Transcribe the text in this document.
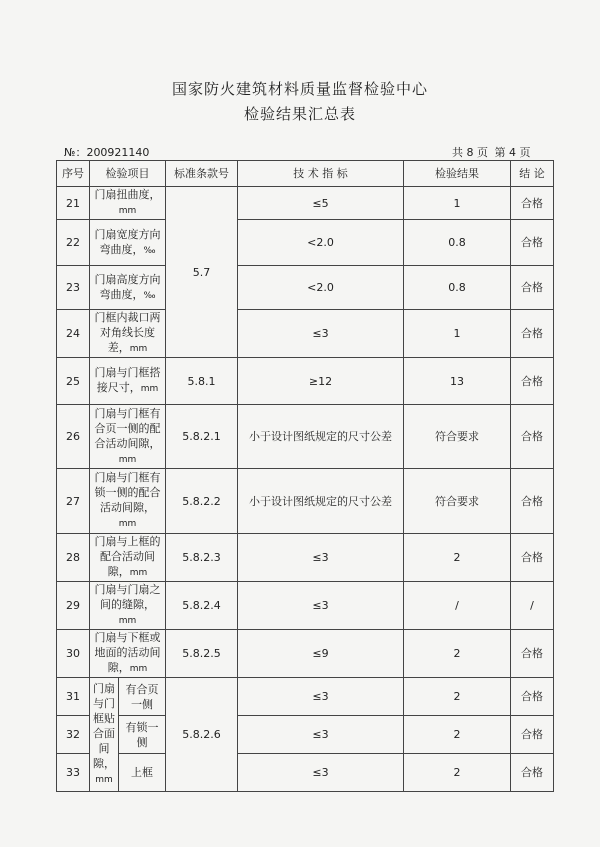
国家防火建筑材料质量监督检验中心
检验结果汇总表
№：200921140	共 8 页 第 4 页
序号	检验项目		标准条款号	技 术 指 标	检验结果	结 论
21	门扇扭曲度，mm		5.7	≤5	1	合格
22	门扇宽度方向弯曲度，‰			<2.0	0.8	合格
23	门扇高度方向弯曲度，‰			<2.0	0.8	合格
24	门框内裁口两对角线长度差，mm			≤3	1	合格
25	门扇与门框搭接尺寸，mm		5.8.1	≥12	13	合格
26	门扇与门框有合页一侧的配合活动间隙，mm		5.8.2.1	小于设计图纸规定的尺寸公差	符合要求	合格
27	门扇与门框有锁一侧的配合活动间隙，mm		5.8.2.2	小于设计图纸规定的尺寸公差	符合要求	合格
28	门扇与上框的配合活动间隙，mm		5.8.2.3	≤3	2	合格
29	门扇与门扇之间的缝隙，mm		5.8.2.4	≤3	/	/
30	门扇与下框或地面的活动间隙，mm		5.8.2.5	≤9	2	合格
31	门扇与门框贴合面间隙，mm	有合页一侧	5.8.2.6	≤3	2	合格
32		有锁一侧		≤3	2	合格
33		上框		≤3	2	合格
